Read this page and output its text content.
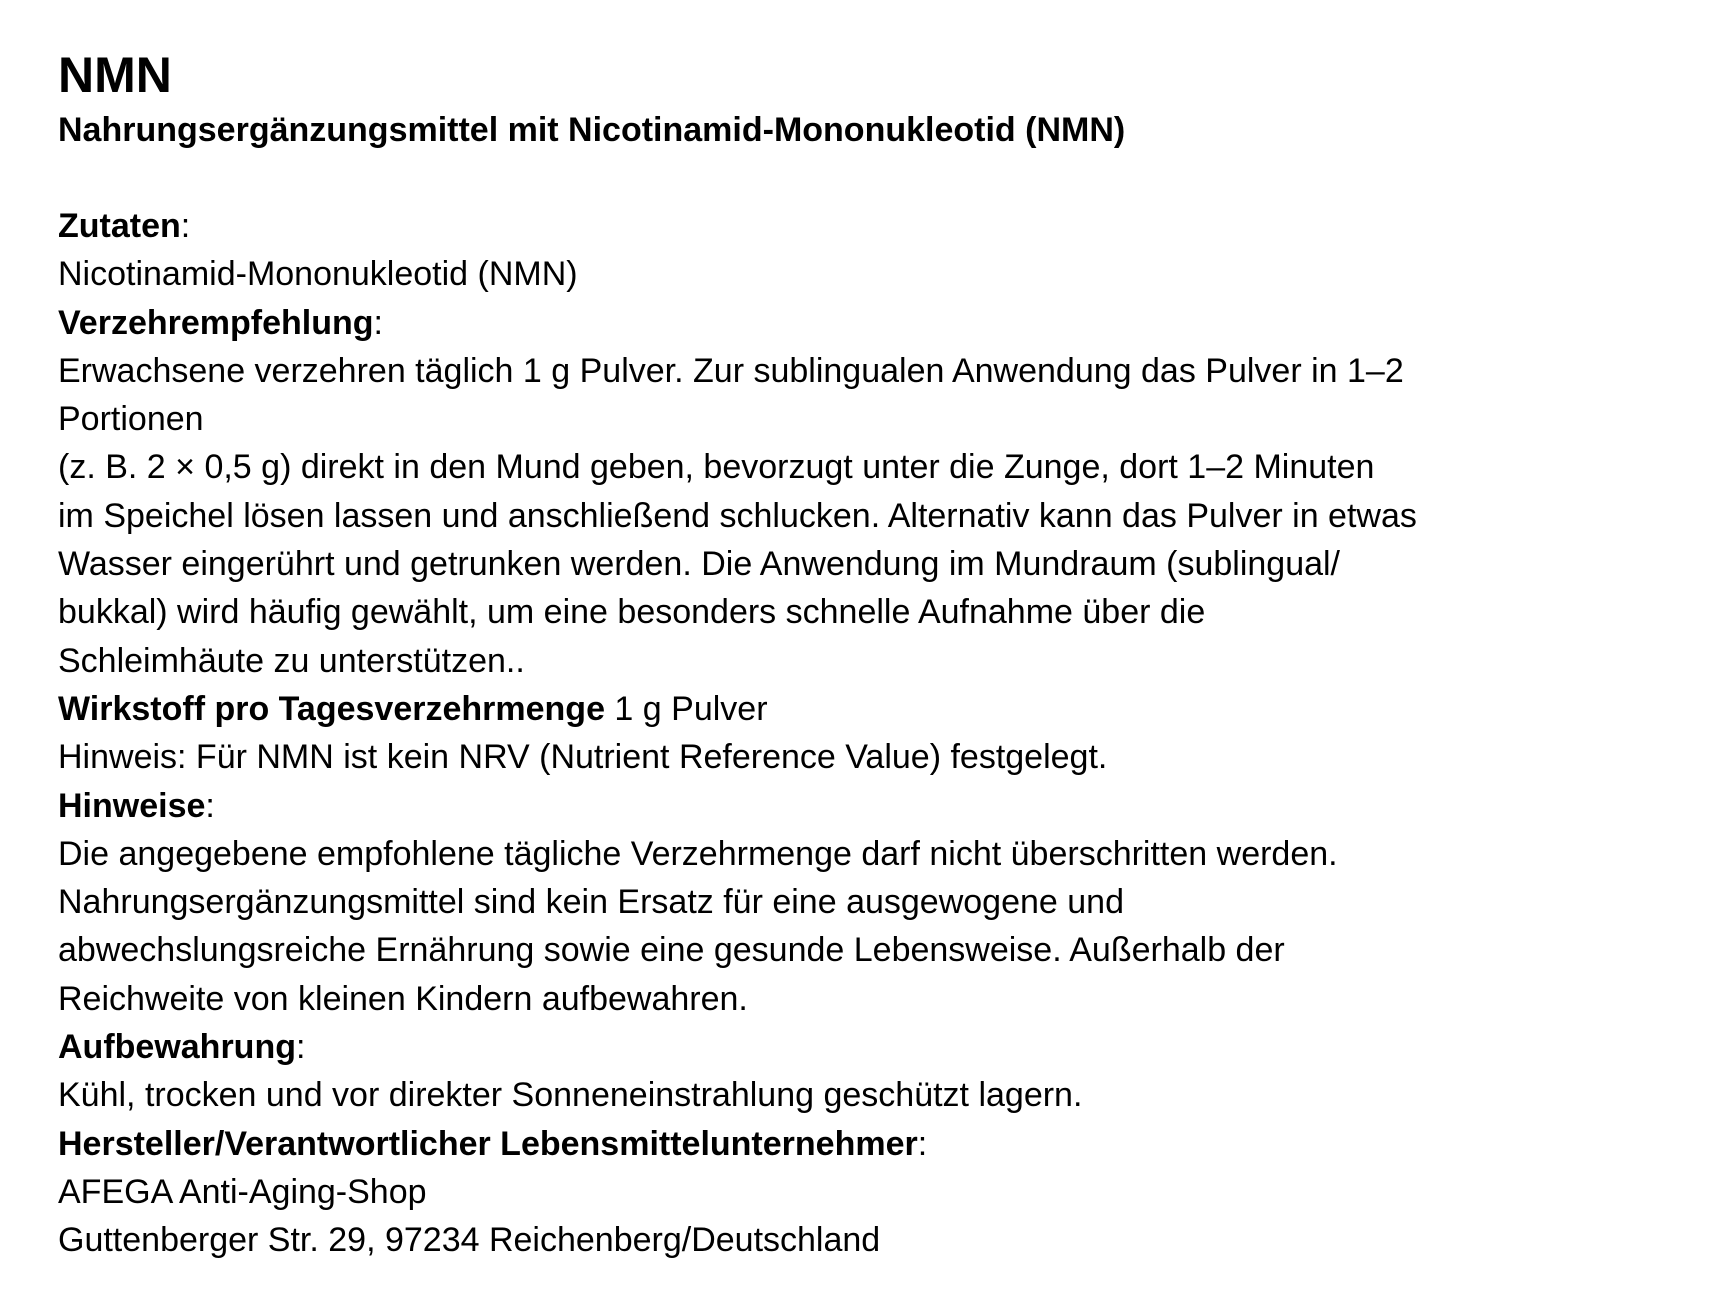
NMN
Nahrungsergänzungsmittel mit Nicotinamid-Mononukleotid (NMN)

Zutaten:

Nicotinamid-Mononukleotid (NMN)

Verzehrempfehlung:

Erwachsene verzehren täglich 1 g Pulver. Zur sublingualen Anwendung das Pulver in 1–2

Portionen

(z. B. 2 × 0,5 g) direkt in den Mund geben, bevorzugt unter die Zunge, dort 1–2 Minuten

im Speichel lösen lassen und anschließend schlucken. Alternativ kann das Pulver in etwas

Wasser eingerührt und getrunken werden. Die Anwendung im Mundraum (sublingual/

bukkal) wird häufig gewählt, um eine besonders schnelle Aufnahme über die

Schleimhäute zu unterstützen..

Wirkstoff pro Tagesverzehrmenge 1 g Pulver

Hinweis: Für NMN ist kein NRV (Nutrient Reference Value) festgelegt.

Hinweise:

Die angegebene empfohlene tägliche Verzehrmenge darf nicht überschritten werden.

Nahrungsergänzungsmittel sind kein Ersatz für eine ausgewogene und

abwechslungsreiche Ernährung sowie eine gesunde Lebensweise. Außerhalb der

Reichweite von kleinen Kindern aufbewahren.

Aufbewahrung:

Kühl, trocken und vor direkter Sonneneinstrahlung geschützt lagern.

Hersteller/Verantwortlicher Lebensmittelunternehmer:

AFEGA Anti-Aging-Shop

Guttenberger Str. 29, 97234 Reichenberg/Deutschland
